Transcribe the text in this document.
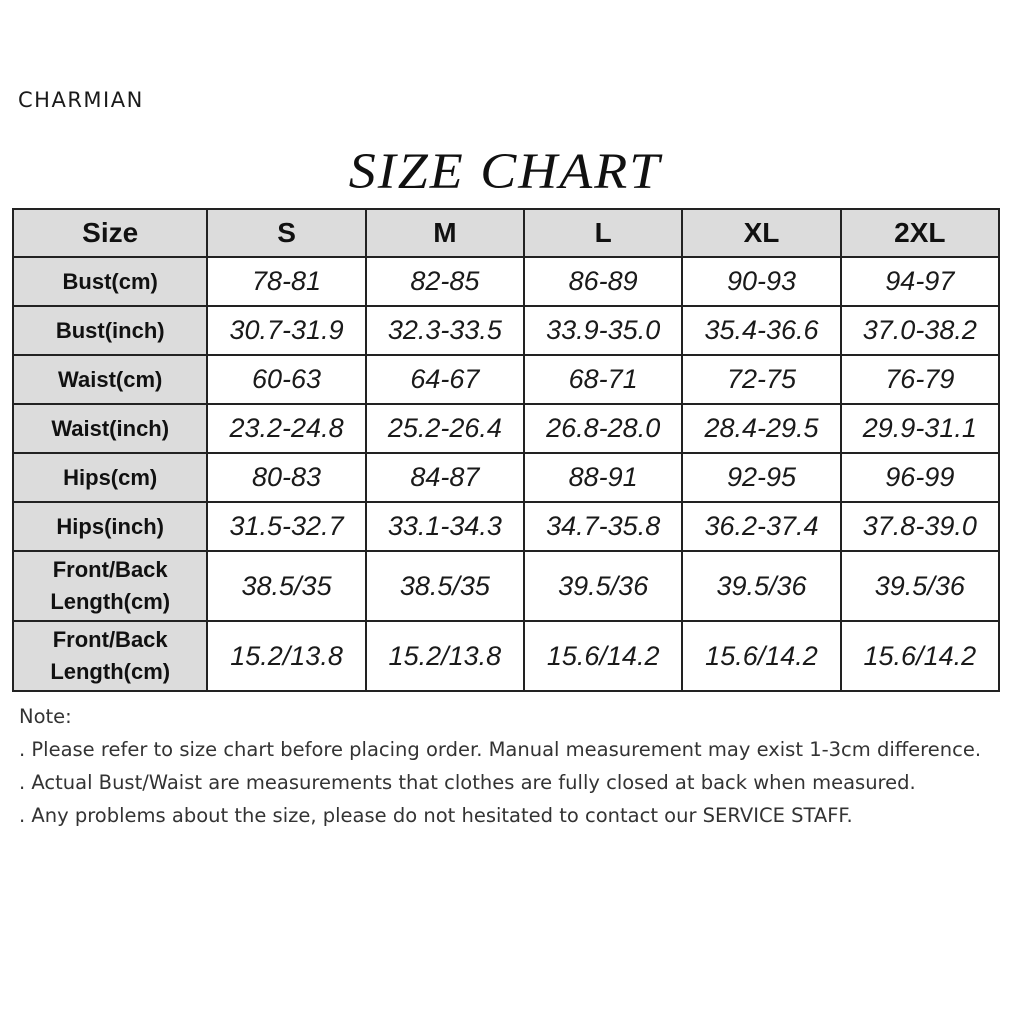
CHARMIAN
SIZE CHART
Size	S	M	L	XL	2XL
Bust(cm)	78-81	82-85	86-89	90-93	94-97
Bust(inch)	30.7-31.9	32.3-33.5	33.9-35.0	35.4-36.6	37.0-38.2
Waist(cm)	60-63	64-67	68-71	72-75	76-79
Waist(inch)	23.2-24.8	25.2-26.4	26.8-28.0	28.4-29.5	29.9-31.1
Hips(cm)	80-83	84-87	88-91	92-95	96-99
Hips(inch)	31.5-32.7	33.1-34.3	34.7-35.8	36.2-37.4	37.8-39.0

Front/Back
Length(cm)	38.5/35	38.5/35	39.5/36	39.5/36	39.5/36

Front/Back
Length(cm)	15.2/13.8	15.2/13.8	15.6/14.2	15.6/14.2	15.6/14.2

Note:

. Please refer to size chart before placing order. Manual measurement may exist 1-3cm difference.

. Actual Bust/Waist are measurements that clothes are fully closed at back when measured.

. Any problems about the size, please do not hesitated to contact our SERVICE STAFF.
